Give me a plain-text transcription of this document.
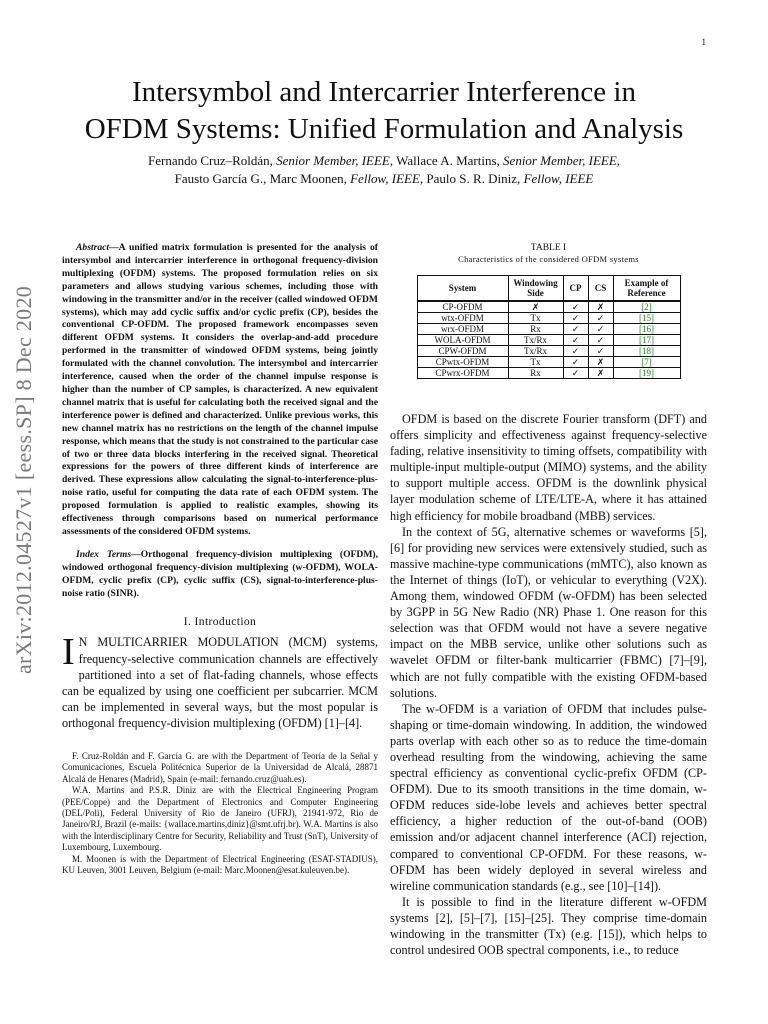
1
arXiv:2012.04527v1 [eess.SP] 8 Dec 2020
Intersymbol and Intercarrier Interference in
OFDM Systems: Unified Formulation and Analysis
Fernando Cruz–Roldán, Senior Member, IEEE, Wallace A. Martins, Senior Member, IEEE,
Fausto García G., Marc Moonen, Fellow, IEEE, Paulo S. R. Diniz, Fellow, IEEE

Abstract—A unified matrix formulation is presented for the analysis of intersymbol and intercarrier interference in orthogonal frequency-division multiplexing (OFDM) systems. The proposed formulation relies on six parameters and allows studying various schemes, including those with windowing in the transmitter and/or in the receiver (called windowed OFDM systems), which may add cyclic suffix and/or cyclic prefix (CP), besides the conventional CP-OFDM. The proposed framework encompasses seven different OFDM systems. It considers the overlap-and-add procedure performed in the transmitter of windowed OFDM systems, being jointly formulated with the channel convolution. The intersymbol and intercarrier interference, caused when the order of the channel impulse response is higher than the number of CP samples, is characterized. A new equivalent channel matrix that is useful for calculating both the received signal and the interference power is defined and characterized. Unlike previous works, this new channel matrix has no restrictions on the length of the channel impulse response, which means that the study is not constrained to the particular case of two or three data blocks interfering in the received signal. Theoretical expressions for the powers of three different kinds of interference are derived. These expressions allow calculating the signal-to-interference-plus-noise ratio, useful for computing the data rate of each OFDM system. The proposed formulation is applied to realistic examples, showing its effectiveness through comparisons based on numerical performance assessments of the considered OFDM systems.

Index Terms—Orthogonal frequency-division multiplexing (OFDM), windowed orthogonal frequency-division multiplexing (w-OFDM), WOLA-OFDM, cyclic prefix (CP), cyclic suffix (CS), signal-to-interference-plus-noise ratio (SINR).

I. Introduction

I N MULTICARRIER MODULATION (MCM) systems, frequency-selective communication channels are effectively partitioned into a set of flat-fading channels, whose effects can be equalized by using one coefficient per subcarrier. MCM can be implemented in several ways, but the most popular is orthogonal frequency-division multiplexing (OFDM) [1]–[4].

F. Cruz-Roldán and F. García G. are with the Department of Teoría de la Señal y Comunicaciones, Escuela Politécnica Superior de la Universidad de Alcalá, 28871 Alcalá de Henares (Madrid), Spain (e-mail: fernando.cruz@uah.es).

W.A. Martins and P.S.R. Diniz are with the Electrical Engineering Program (PEE/Coppe) and the Department of Electronics and Computer Engineering (DEL/Poli), Federal University of Rio de Janeiro (UFRJ), 21941-972, Rio de Janeiro/RJ, Brazil (e-mails: {wallace.martins,diniz}@smt.ufrj.br). W.A. Martins is also with the Interdisciplinary Centre for Security, Reliability and Trust (SnT), University of Luxembourg, Luxembourg.

M. Moonen is with the Department of Electrical Engineering (ESAT-STADIUS), KU Leuven, 3001 Leuven, Belgium (e-mail: Marc.Moonen@esat.kuleuven.be).

TABLE I

Characteristics of the considered OFDM systems

System	Windowing Side	CP	CS	Example of Reference
CP-OFDM	✗	✓	✗	[2]
wtx-OFDM	Tx	✓	✓	[15]
wrx-OFDM	Rx	✓	✓	[16]
WOLA-OFDM	Tx/Rx	✓	✓	[17]
CPW-OFDM	Tx/Rx	✓	✓	[18]
CPwtx-OFDM	Tx	✓	✗	[7]
CPwrx-OFDM	Rx	✓	✗	[19]

OFDM is based on the discrete Fourier transform (DFT) and offers simplicity and effectiveness against frequency-selective fading, relative insensitivity to timing offsets, compatibility with multiple-input multiple-output (MIMO) systems, and the ability to support multiple access. OFDM is the downlink physical layer modulation scheme of LTE/LTE-A, where it has attained high efficiency for mobile broadband (MBB) services.

In the context of 5G, alternative schemes or waveforms [5], [6] for providing new services were extensively studied, such as massive machine-type communications (mMTC), also known as the Internet of things (IoT), or vehicular to everything (V2X). Among them, windowed OFDM (w-OFDM) has been selected by 3GPP in 5G New Radio (NR) Phase 1. One reason for this selection was that OFDM would not have a severe negative impact on the MBB service, unlike other solutions such as wavelet OFDM or filter-bank multicarrier (FBMC) [7]–[9], which are not fully compatible with the existing OFDM-based solutions.

The w-OFDM is a variation of OFDM that includes pulse-shaping or time-domain windowing. In addition, the windowed parts overlap with each other so as to reduce the time-domain overhead resulting from the windowing, achieving the same spectral efficiency as conventional cyclic-prefix OFDM (CP-OFDM). Due to its smooth transitions in the time domain, w-OFDM reduces side-lobe levels and achieves better spectral efficiency, a higher reduction of the out-of-band (OOB) emission and/or adjacent channel interference (ACI) rejection, compared to conventional CP-OFDM. For these reasons, w-OFDM has been widely deployed in several wireless and wireline communication standards (e.g., see [10]–[14]).

It is possible to find in the literature different w-OFDM systems [2], [5]–[7], [15]–[25]. They comprise time-domain windowing in the transmitter (Tx) (e.g. [15]), which helps to control undesired OOB spectral components, i.e., to reduce
